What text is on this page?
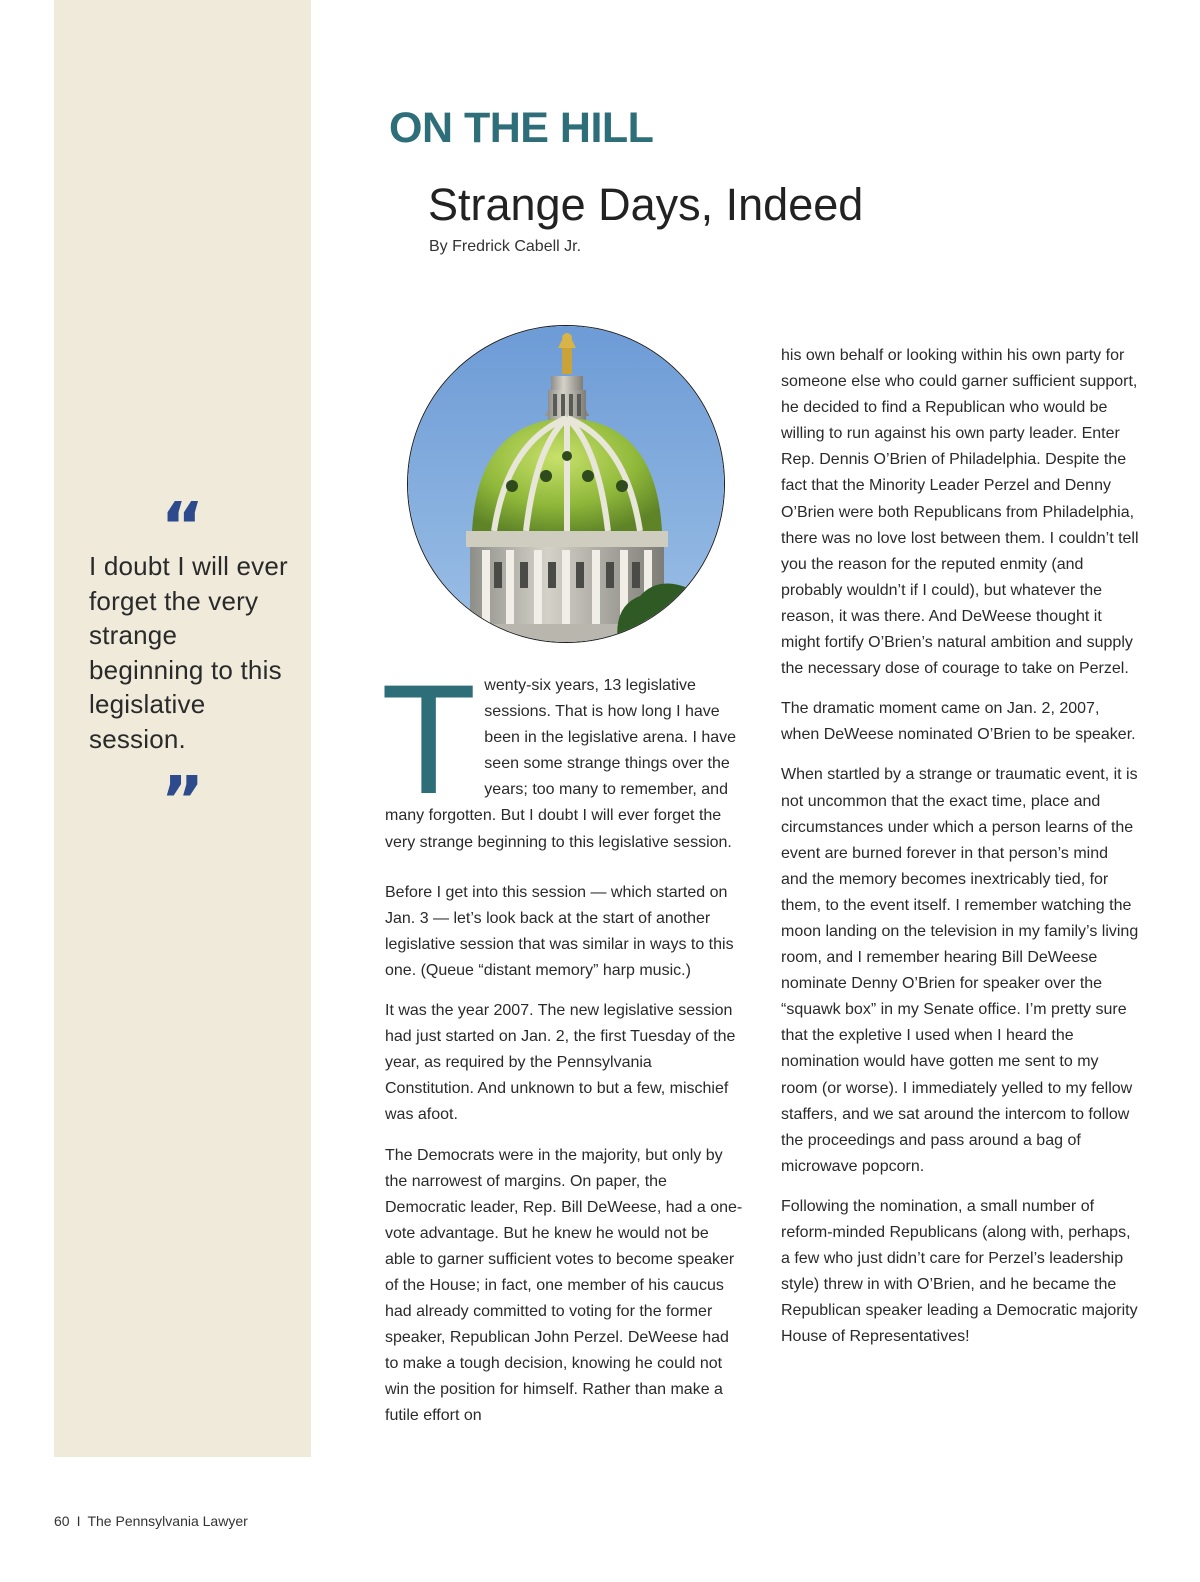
“

I doubt I will ever forget the very strange beginning to this legislative session.

”
ON THE HILL
Strange Days, Indeed
By Fredrick Cabell Jr.

Twenty-six years, 13 legislative sessions. That is how long I have been in the legislative arena. I have seen some strange things over the years; too many to remember, and many forgotten. But I doubt I will ever forget the very strange beginning to this legislative session.

Before I get into this session — which started on Jan. 3 — let’s look back at the start of another legislative session that was similar in ways to this one. (Queue “distant memory” harp music.)

It was the year 2007. The new legislative session had just started on Jan. 2, the first Tuesday of the year, as required by the Pennsylvania Constitution. And unknown to but a few, mischief was afoot.

The Democrats were in the majority, but only by the narrowest of margins. On paper, the Democratic leader, Rep. Bill DeWeese, had a one-vote advantage. But he knew he would not be able to garner sufficient votes to become speaker of the House; in fact, one member of his caucus had already committed to voting for the former speaker, Republican John Perzel. DeWeese had to make a tough decision, knowing he could not win the position for himself. Rather than make a futile effort on

his own behalf or looking within his own party for someone else who could garner sufficient support, he decided to find a Republican who would be willing to run against his own party leader. Enter Rep. Dennis O’Brien of Philadelphia. Despite the fact that the Minority Leader Perzel and Denny O’Brien were both Republicans from Philadelphia, there was no love lost between them. I couldn’t tell you the reason for the reputed enmity (and probably wouldn’t if I could), but whatever the reason, it was there. And DeWeese thought it might fortify O’Brien’s natural ambition and supply the necessary dose of courage to take on Perzel.

The dramatic moment came on Jan. 2, 2007, when DeWeese nominated O’Brien to be speaker.

When startled by a strange or traumatic event, it is not uncommon that the exact time, place and circumstances under which a person learns of the event are burned forever in that person’s mind and the memory becomes inextricably tied, for them, to the event itself. I remember watching the moon landing on the television in my family’s living room, and I remember hearing Bill DeWeese nominate Denny O’Brien for speaker over the “squawk box” in my Senate office. I’m pretty sure that the expletive I used when I heard the nomination would have gotten me sent to my room (or worse). I immediately yelled to my fellow staffers, and we sat around the intercom to follow the proceedings and pass around a bag of microwave popcorn.

Following the nomination, a small number of reform-minded Republicans (along with, perhaps, a few who just didn’t care for Perzel’s leadership style) threw in with O’Brien, and he became the Republican speaker leading a Democratic majority House of Representatives!

60 I The Pennsylvania Lawyer
